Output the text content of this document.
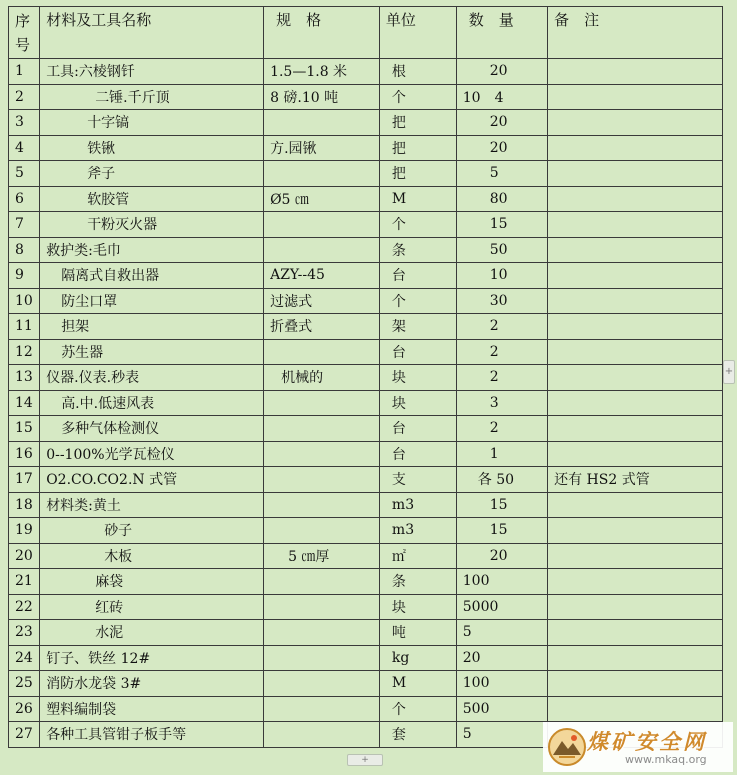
序号	材料及工具名称	规　格	单位	数　量	备　注
1	工具:六棱钢钎	1.5—1.8 米	根	20	
2	二锤.千斤顶	8 磅.10 吨	个	10　4	
3	十字镐		把	20	
4	铁锹	方.园锹	把	20	
5	斧子		把	5	
6	软胶管	Ø5 ㎝	M	80	
7	干粉灭火器		个	15	
8	救护类:毛巾		条	50	
9	隔离式自救出器	AZY--45	台	10	
10	防尘口罩	过滤式	个	30	
11	担架	折叠式	架	2	
12	苏生器		台	2	
13	仪器.仪表.秒表	机械的	块	2	
14	高.中.低速风表		块	3	
15	多种气体检测仪		台	2	
16	0--100%光学瓦检仪		台	1	
17	O2.CO.CO2.N 式管		支	各 50	还有 HS2 式管
18	材料类:黄土		m3	15	
19	砂子		m3	15	
20	木板	5 ㎝厚	㎡	20	
21	麻袋		条	100	
22	红砖		块	5000	
23	水泥		吨	5	
24	钉子、铁丝 12#		kg	20	
25	消防水龙袋 3#		M	100	
26	塑料编制袋		个	500	
27	各种工具管钳子板手等		套	5	
+
+
煤矿安全网
www.mkaq.org
